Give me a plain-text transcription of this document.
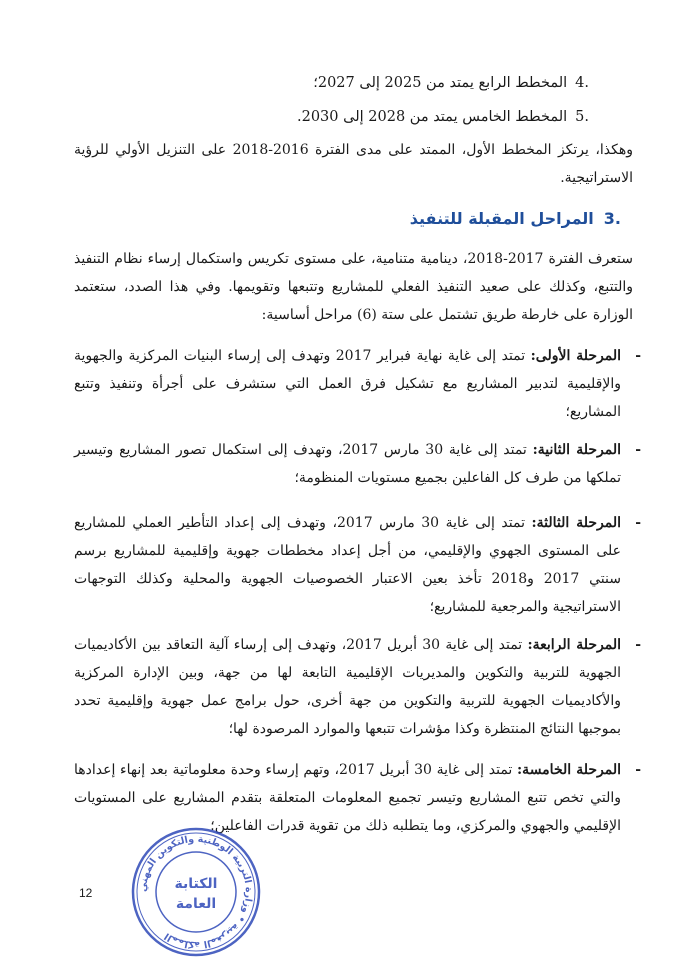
.4المخطط الرابع يمتد من 2025 إلى 2027؛
.5المخطط الخامس يمتد من 2028 إلى 2030.
وهكذا، يرتكز المخطط الأول، الممتد على مدى الفترة 2016-2018 على التنزيل الأولي للرؤية الاستراتيجية.
.3المراحل المقبلة للتنفيذ
ستعرف الفترة 2017-2018، دينامية متنامية، على مستوى تكريس واستكمال إرساء نظام التنفيذ والتتبع، وكذلك على صعيد التنفيذ الفعلي للمشاريع وتتبعها وتقويمها. وفي هذا الصدد، ستعتمد الوزارة على خارطة طريق تشتمل على ستة (6) مراحل أساسية:
-
المرحلة الأولى: تمتد إلى غاية نهاية فبراير 2017 وتهدف إلى إرساء البنيات المركزية والجهوية والإقليمية لتدبير المشاريع مع تشكيل فرق العمل التي ستشرف على أجرأة وتنفيذ وتتبع المشاريع؛
-
المرحلة الثانية: تمتد إلى غاية 30 مارس 2017، وتهدف إلى استكمال تصور المشاريع وتيسير تملكها من طرف كل الفاعلين بجميع مستويات المنظومة؛
-
المرحلة الثالثة: تمتد إلى غاية 30 مارس 2017، وتهدف إلى إعداد التأطير العملي للمشاريع على المستوى الجهوي والإقليمي، من أجل إعداد مخططات جهوية وإقليمية للمشاريع برسم سنتي 2017 و2018 تأخذ بعين الاعتبار الخصوصيات الجهوية والمحلية وكذلك التوجهات الاستراتيجية والمرجعية للمشاريع؛
-
المرحلة الرابعة: تمتد إلى غاية 30 أبريل 2017، وتهدف إلى إرساء آلية التعاقد بين الأكاديميات الجهوية للتربية والتكوين والمديريات الإقليمية التابعة لها من جهة، وبين الإدارة المركزية والأكاديميات الجهوية للتربية والتكوين من جهة أخرى، حول برامج عمل جهوية وإقليمية تحدد بموجبها النتائج المنتظرة وكذا مؤشرات تتبعها والموارد المرصودة لها؛
-
المرحلة الخامسة: تمتد إلى غاية 30 أبريل 2017، وتهم إرساء وحدة معلوماتية بعد إنهاء إعدادها والتي تخص تتبع المشاريع وتيسر تجميع المعلومات المتعلقة بتقدم المشاريع على المستويات الإقليمي والجهوي والمركزي، وما يتطلبه ذلك من تقوية قدرات الفاعلين؛
12	المملكة المغربية • وزارة التربية الوطنية والتكوين المهني
الكتابة
العامة
